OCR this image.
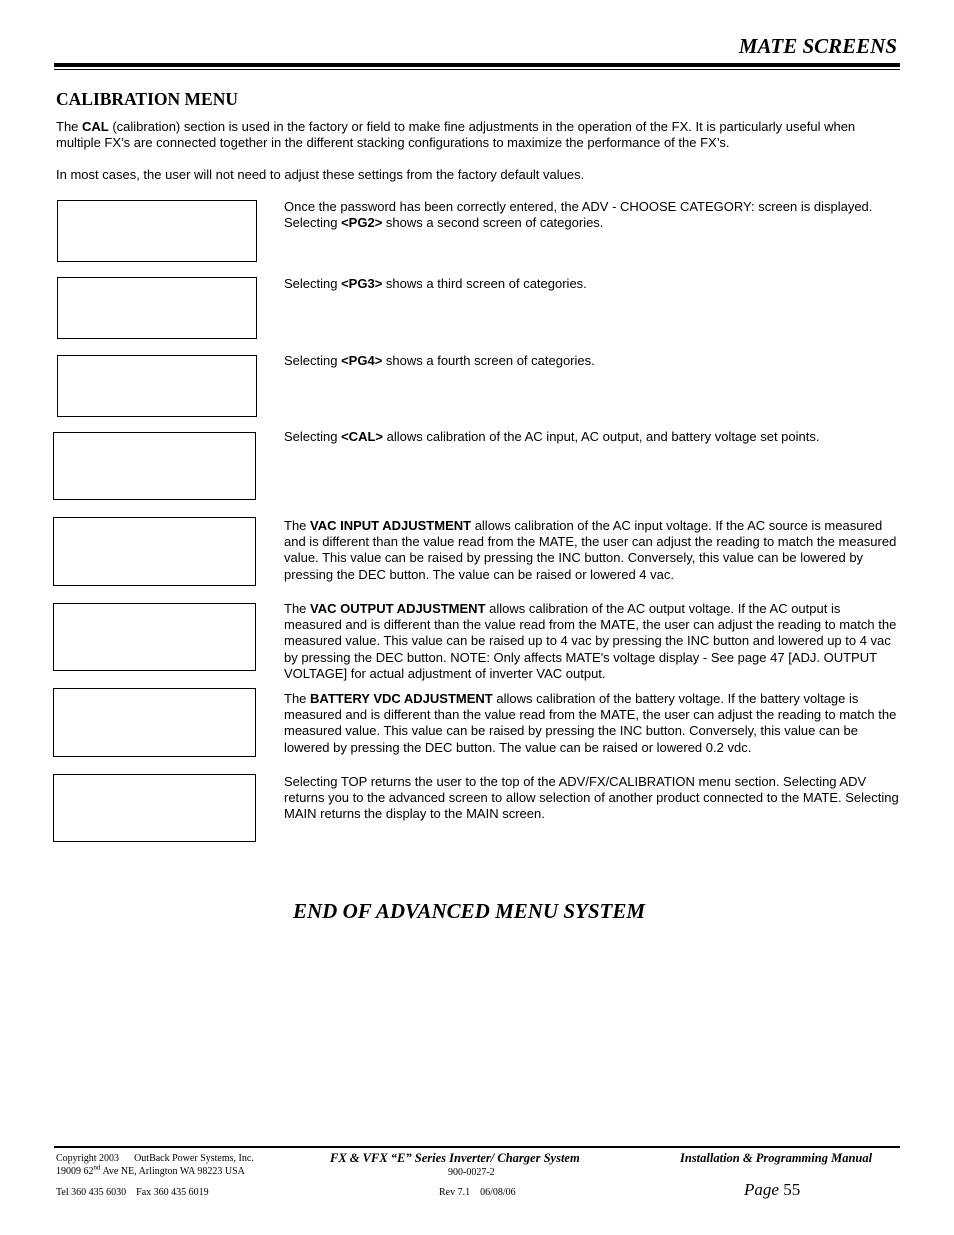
MATE SCREENS
CALIBRATION MENU

The CAL (calibration) section is used in the factory or field to make fine adjustments in the operation of the FX. It is particularly useful when multiple FX’s are connected together in the different stacking configurations to maximize the performance of the FX’s.

In most cases, the user will not need to adjust these settings from the factory default values.

Once the password has been correctly entered, the ADV - CHOOSE CATEGORY: screen is displayed. Selecting <PG2> shows a second screen of categories.

Selecting <PG3> shows a third screen of categories.

Selecting <PG4> shows a fourth screen of categories.

Selecting <CAL> allows calibration of the AC input, AC output, and battery voltage set points.

The VAC INPUT ADJUSTMENT allows calibration of the AC input voltage. If the AC source is measured and is different than the value read from the MATE, the user can adjust the reading to match the measured value. This value can be raised by pressing the INC button. Conversely, this value can be lowered by pressing the DEC button. The value can be raised or lowered 4 vac.

The VAC OUTPUT ADJUSTMENT allows calibration of the AC output voltage. If the AC output is measured and is different than the value read from the MATE, the user can adjust the reading to match the measured value. This value can be raised up to 4 vac by pressing the INC button and lowered up to 4 vac by pressing the DEC button. NOTE: Only affects MATE's voltage display - See page 47 [ADJ. OUTPUT VOLTAGE] for actual adjustment of inverter VAC output.

The BATTERY VDC ADJUSTMENT allows calibration of the battery voltage. If the battery voltage is measured and is different than the value read from the MATE, the user can adjust the reading to match the measured value. This value can be raised by pressing the INC button. Conversely, this value can be lowered by pressing the DEC button. The value can be raised or lowered 0.2 vdc.

Selecting TOP returns the user to the top of the ADV/FX/CALIBRATION menu section. Selecting ADV returns you to the advanced screen to allow selection of another product connected to the MATE. Selecting MAIN returns the display to the MAIN screen.

END OF ADVANCED MENU SYSTEM
Copyright 2003 OutBack Power Systems, Inc.
19009 62nd Ave NE, Arlington WA 98223 USA
Tel 360 435 6030 Fax 360 435 6019
FX & VFX “E” Series Inverter/ Charger System
900-0027-2
Rev 7.1 06/08/06
Installation & Programming Manual
Page 55
